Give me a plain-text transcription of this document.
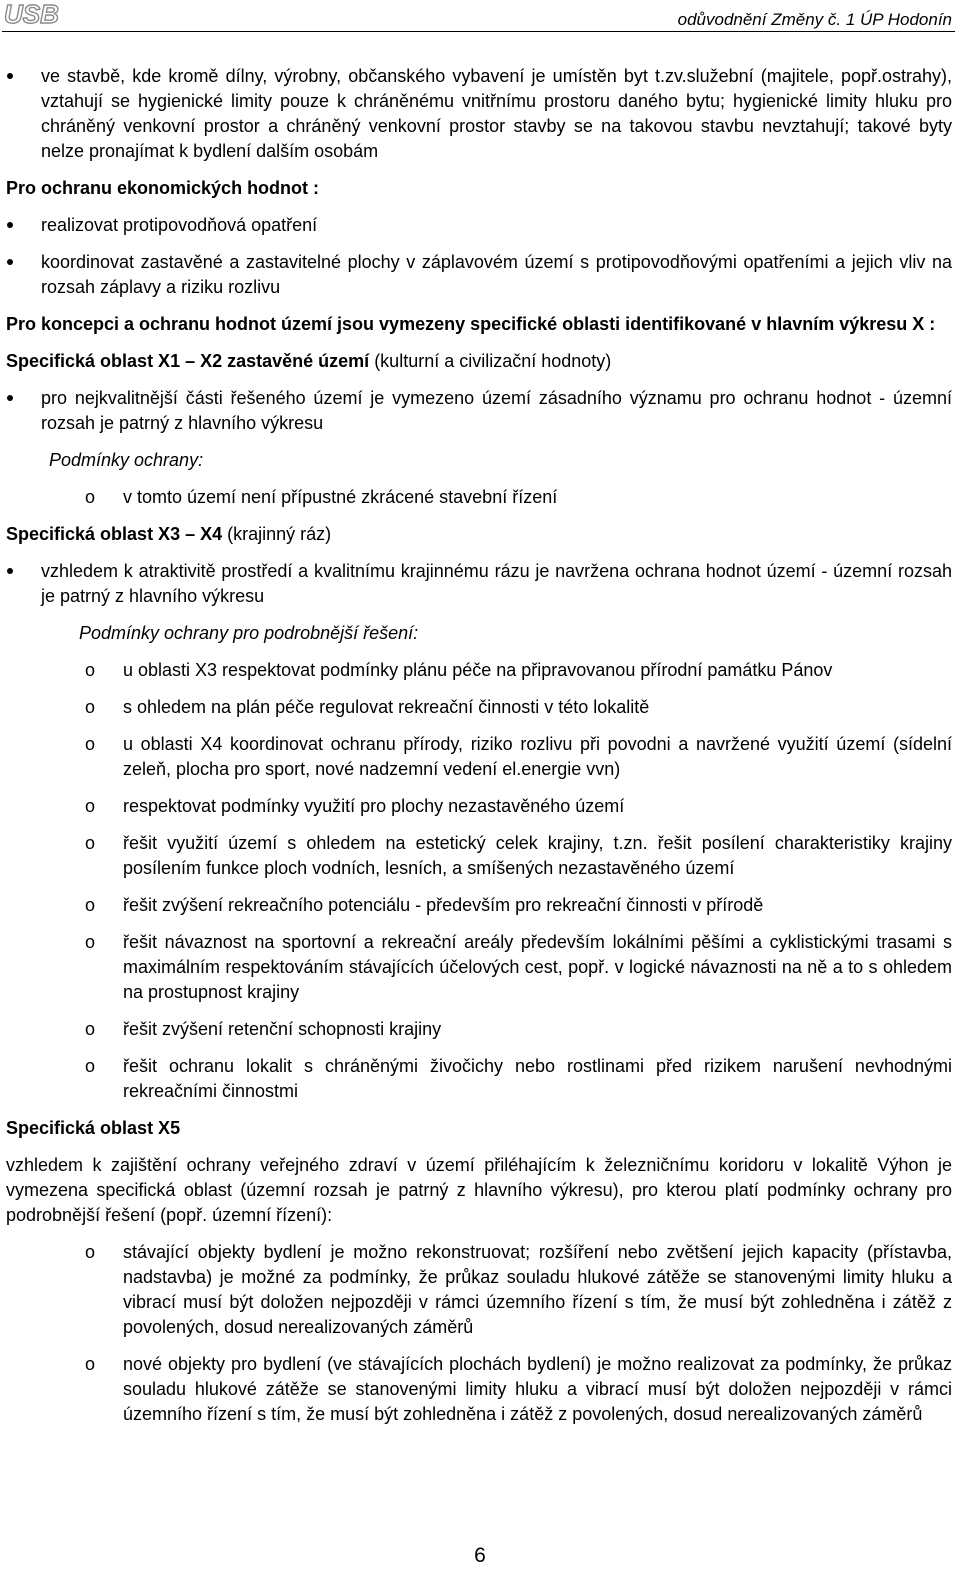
USB	odůvodnění Změny č. 1 ÚP Hodonín
ve stavbě, kde kromě dílny, výrobny, občanského vybavení je umístěn byt t.zv.služební (majitele, popř.ostrahy), vztahují se hygienické limity pouze k chráněnému vnitřnímu prostoru daného bytu; hygienické limity hluku pro chráněný venkovní prostor a chráněný venkovní prostor stavby se na takovou stavbu nevztahují; takové byty nelze pronajímat k bydlení dalším osobám
Pro ochranu ekonomických hodnot :
realizovat protipovodňová opatření
koordinovat zastavěné a zastavitelné plochy v záplavovém území s protipovodňovými opatřeními a jejich vliv na rozsah záplavy a riziku rozlivu
Pro koncepci a ochranu hodnot území jsou vymezeny specifické oblasti identifikované v hlavním výkresu X :
Specifická oblast X1 – X2 zastavěné území (kulturní a civilizační hodnoty)
pro nejkvalitnější části řešeného území je vymezeno území zásadního významu pro ochranu hodnot - územní rozsah je patrný z hlavního výkresu
Podmínky ochrany:
o v tomto území není přípustné zkrácené stavební řízení
Specifická oblast X3 – X4 (krajinný ráz)
vzhledem k atraktivitě prostředí a kvalitnímu krajinnému rázu je navržena ochrana hodnot území - územní rozsah je patrný z hlavního výkresu
Podmínky ochrany pro podrobnější řešení:
o u oblasti X3 respektovat podmínky plánu péče na připravovanou přírodní památku Pánov
o s ohledem na plán péče regulovat rekreační činnosti v této lokalitě
o u oblasti X4 koordinovat ochranu přírody, riziko rozlivu při povodni a navržené využití území (sídelní zeleň, plocha pro sport, nové nadzemní vedení el.energie vvn)
o respektovat podmínky využití pro plochy nezastavěného území
o řešit využití území s ohledem na estetický celek krajiny, t.zn. řešit posílení charakteristiky krajiny posílením funkce ploch vodních, lesních, a smíšených nezastavěného území
o řešit zvýšení rekreačního potenciálu - především pro rekreační činnosti v přírodě
o řešit návaznost na sportovní a rekreační areály především lokálními pěšími a cyklistickými trasami s maximálním respektováním stávajících účelových cest, popř. v logické návaznosti na ně a to s ohledem na prostupnost krajiny
o řešit zvýšení retenční schopnosti krajiny
o řešit ochranu lokalit s chráněnými živočichy nebo rostlinami před rizikem narušení nevhodnými rekreačními činnostmi
Specifická oblast X5
vzhledem k zajištění ochrany veřejného zdraví v území přiléhajícím k železničnímu koridoru v lokalitě Výhon je vymezena specifická oblast (územní rozsah je patrný z hlavního výkresu), pro kterou platí podmínky ochrany pro podrobnější řešení (popř. územní řízení):
o stávající objekty bydlení je možno rekonstruovat; rozšíření nebo zvětšení jejich kapacity (přístavba, nadstavba) je možné za podmínky, že průkaz souladu hlukové zátěže se stanovenými limity hluku a vibrací musí být doložen nejpozději v rámci územního řízení s tím, že musí být zohledněna i zátěž z povolených, dosud nerealizovaných záměrů
o nové objekty pro bydlení (ve stávajících plochách bydlení) je možno realizovat za podmínky, že průkaz souladu hlukové zátěže se stanovenými limity hluku a vibrací musí být doložen nejpozději v rámci územního řízení s tím, že musí být zohledněna i zátěž z povolených, dosud nerealizovaných záměrů
6
